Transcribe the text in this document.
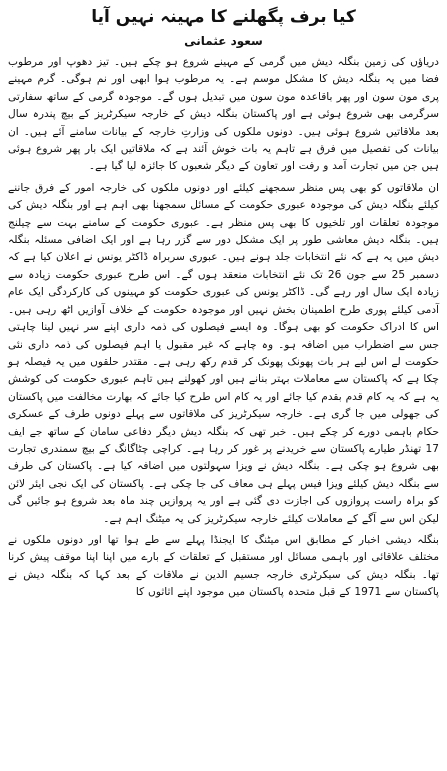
کیا برف پگھلنے کا مہینہ نہیں آیا
سعود عثمانی

دریاؤں کی زمین بنگلہ دیش میں گرمی کے مہینے شروع ہو چکے ہیں۔ تیز دھوپ اور مرطوب فضا میں یہ بنگلہ دیش کا مشکل موسم ہے۔ یہ مرطوب ہوا ابھی اور نم ہوگی۔ گرم مہینے پری مون سون اور پھر باقاعدہ مون سون میں تبدیل ہوں گے۔ موجودہ گرمی کے ساتھ سفارتی سرگرمی بھی شروع ہوئی ہے اور پاکستان بنگلہ دیش کے خارجہ سیکرٹریز کے بیچ پندرہ سال بعد ملاقاتیں شروع ہوئی ہیں۔ دونوں ملکوں کی وزارتِ خارجہ کے بیانات سامنے آئے ہیں۔ ان بیانات کی تفصیل میں فرق ہے تاہم یہ بات خوش آئند ہے کہ ملاقاتیں ایک بار پھر شروع ہوئی ہیں جن میں تجارت آمد و رفت اور تعاون کے دیگر شعبوں کا جائزہ لیا گیا ہے۔

ان ملاقاتوں کو بھی پس منظر سمجھنے کیلئے اور دونوں ملکوں کی خارجہ امور کے فرق جاننے کیلئے بنگلہ دیش کی موجودہ عبوری حکومت کے مسائل سمجھنا بھی اہم ہے اور بنگلہ دیش کی موجودہ تعلقات اور تلخیوں کا بھی پس منظر ہے۔ عبوری حکومت کے سامنے بہت سے چیلنج ہیں۔ بنگلہ دیش معاشی طور پر ایک مشکل دور سے گزر رہا ہے اور ایک اضافی مسئلہ بنگلہ دیش میں یہ ہے کہ نئے انتخابات جلد ہونے ہیں۔ عبوری سربراہ ڈاکٹر یونس نے اعلان کیا ہے کہ دسمبر 25 سے جون 26 تک نئے انتخابات منعقد ہوں گے۔ اس طرح عبوری حکومت زیادہ سے زیادہ ایک سال اور رہے گی۔ ڈاکٹر یونس کی عبوری حکومت کو مہینوں کی کارکردگی ایک عام آدمی کیلئے پوری طرح اطمینان بخش نہیں اور موجودہ حکومت کے خلاف آوازیں اٹھ رہی ہیں۔ اس کا ادراک حکومت کو بھی ہوگا۔ وہ ایسے فیصلوں کی ذمہ داری اپنے سر نہیں لینا چاہتی جس سے اضطراب میں اضافہ ہو۔ وہ چاہے کہ غیر مقبول یا اہم فیصلوں کی ذمہ داری نئی حکومت لے اس لیے ہر بات پھونک پھونک کر قدم رکھ رہی ہے۔ مقتدر حلقوں میں یہ فیصلہ ہو چکا ہے کہ پاکستان سے معاملات بہتر بنانے ہیں اور کھولنے ہیں تاہم عبوری حکومت کی کوشش یہ ہے کہ یہ کام قدم بقدم کیا جائے اور یہ کام اس طرح کیا جائے کہ بھارت مخالفت میں پاکستان کی جھولی میں جا گری ہے۔ خارجہ سیکرٹریز کی ملاقاتوں سے پہلے دونوں طرف کے عسکری حکام باہمی دورے کر چکے ہیں۔ خبر تھی کہ بنگلہ دیش دیگر دفاعی سامان کے ساتھ جے ایف 17 تھنڈر طیارے پاکستان سے خریدنے پر غور کر رہا ہے۔ کراچی چٹاگانگ کے بیچ سمندری تجارت بھی شروع ہو چکی ہے۔ بنگلہ دیش نے ویزا سہولتوں میں اضافہ کیا ہے۔ پاکستان کی طرف سے بنگلہ دیش کیلئے ویزا فیس پہلے ہی معاف کی جا چکی ہے۔ پاکستان کی ایک نجی ایئر لائن کو براہ راست پروازوں کی اجازت دی گئی ہے اور یہ پروازیں چند ماہ بعد شروع ہو جائیں گی لیکن اس سے آگے کے معاملات کیلئے خارجہ سیکرٹریز کی یہ میٹنگ اہم ہے۔

بنگلہ دیشی اخبار کے مطابق اس میٹنگ کا ایجنڈا پہلے سے طے ہوا تھا اور دونوں ملکوں نے مختلف علاقائی اور باہمی مسائل اور مستقبل کے تعلقات کے بارے میں اپنا اپنا موقف پیش کرنا تھا۔ بنگلہ دیش کی سیکرٹری خارجہ جسیم الدین نے ملاقات کے بعد کہا کہ بنگلہ دیش نے پاکستان سے 1971 کے قبل متحدہ پاکستان میں موجود اپنے اثاثوں کا
